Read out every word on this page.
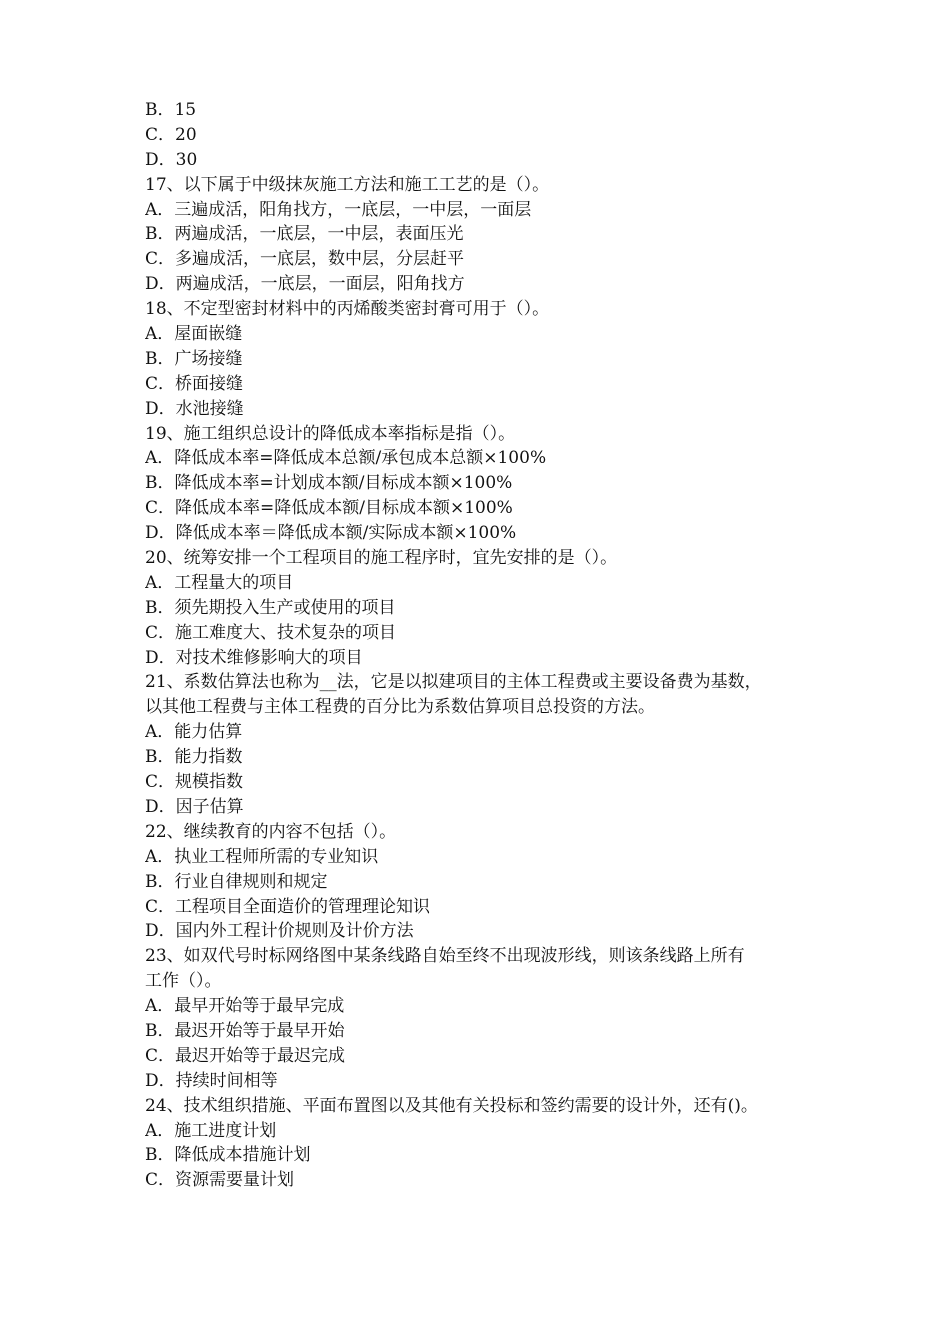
B．15
C．20
D．30
17、以下属于中级抹灰施工方法和施工工艺的是（）。
A．三遍成活，阳角找方，一底层，一中层，一面层
B．两遍成活，一底层，一中层，表面压光
C．多遍成活，一底层，数中层，分层赶平
D．两遍成活，一底层，一面层，阳角找方
18、不定型密封材料中的丙烯酸类密封膏可用于（）。
A．屋面嵌缝
B．广场接缝
C．桥面接缝
D．水池接缝
19、施工组织总设计的降低成本率指标是指（）。
A．降低成本率=降低成本总额/承包成本总额×100%
B．降低成本率=计划成本额/目标成本额×100%
C．降低成本率=降低成本额/目标成本额×100%
D．降低成本率＝降低成本额/实际成本额×100%
20、统筹安排一个工程项目的施工程序时，宜先安排的是（）。
A．工程量大的项目
B．须先期投入生产或使用的项目
C．施工难度大、技术复杂的项目
D．对技术维修影响大的项目
21、系数估算法也称为__法，它是以拟建项目的主体工程费或主要设备费为基数，
以其他工程费与主体工程费的百分比为系数估算项目总投资的方法。
A．能力估算
B．能力指数
C．规模指数
D．因子估算
22、继续教育的内容不包括（）。
A．执业工程师所需的专业知识
B．行业自律规则和规定
C．工程项目全面造价的管理理论知识
D．国内外工程计价规则及计价方法
23、如双代号时标网络图中某条线路自始至终不出现波形线，则该条线路上所有
工作（）。
A．最早开始等于最早完成
B．最迟开始等于最早开始
C．最迟开始等于最迟完成
D．持续时间相等
24、技术组织措施、平面布置图以及其他有关投标和签约需要的设计外，还有()。
A．施工进度计划
B．降低成本措施计划
C．资源需要量计划
